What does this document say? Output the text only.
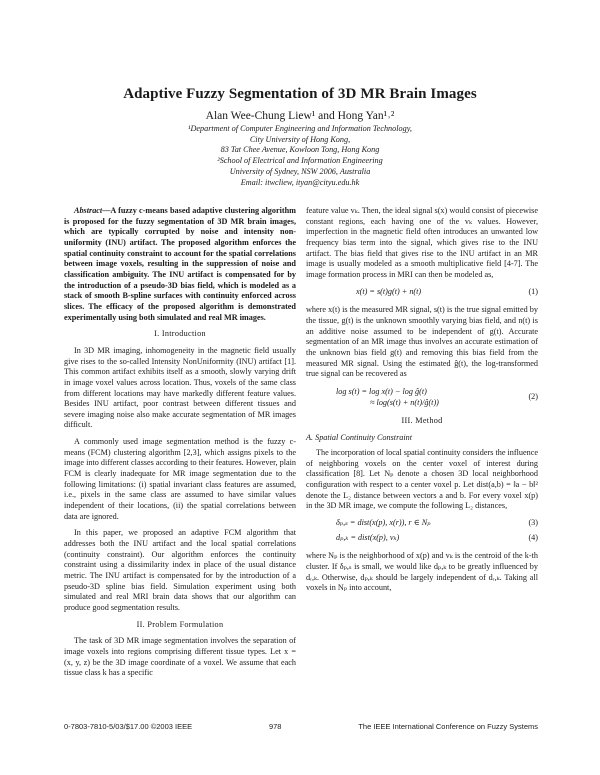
Adaptive Fuzzy Segmentation of 3D MR Brain Images
Alan Wee-Chung Liew¹ and Hong Yan¹˒²
¹Department of Computer Engineering and Information Technology,
City University of Hong Kong,
83 Tat Chee Avenue, Kowloon Tong, Hong Kong
²School of Electrical and Information Engineering
University of Sydney, NSW 2006, Australia
Email: itwcliew, ityan@cityu.edu.hk

Abstract—A fuzzy c-means based adaptive clustering algorithm is proposed for the fuzzy segmentation of 3D MR brain images, which are typically corrupted by noise and intensity non-uniformity (INU) artifact. The proposed algorithm enforces the spatial continuity constraint to account for the spatial correlations between image voxels, resulting in the suppression of noise and classification ambiguity. The INU artifact is compensated for by the introduction of a pseudo-3D bias field, which is modeled as a stack of smooth B-spline surfaces with continuity enforced across slices. The efficacy of the proposed algorithm is demonstrated experimentally using both simulated and real MR images.

I. Introduction

In 3D MR imaging, inhomogeneity in the magnetic field usually give rises to the so-called Intensity NonUniformity (INU) artifact [1]. This common artifact exhibits itself as a smooth, slowly varying drift in image voxel values across location. Thus, voxels of the same class from different locations may have markedly different feature values. Besides INU artifact, poor contrast between different tissues and severe imaging noise also make accurate segmentation of MR images difficult.

A commonly used image segmentation method is the fuzzy c-means (FCM) clustering algorithm [2,3], which assigns pixels to the image into different classes according to their features. However, plain FCM is clearly inadequate for MR image segmentation due to the following limitations: (i) spatial invariant class features are assumed, i.e., pixels in the same class are assumed to have similar values independent of their locations, (ii) the spatial correlations between data are ignored.

In this paper, we proposed an adaptive FCM algorithm that addresses both the INU artifact and the local spatial correlations (continuity constraint). Our algorithm enforces the continuity constraint using a dissimilarity index in place of the usual distance metric. The INU artifact is compensated for by the introduction of a pseudo-3D spline bias field. Simulation experiment using both simulated and real MRI brain data shows that our algorithm can produce good segmentation results.

II. Problem Formulation

The task of 3D MR image segmentation involves the separation of image voxels into regions comprising different tissue types. Let x = (x, y, z) be the 3D image coordinate of a voxel. We assume that each tissue class k has a specific

feature value vₖ. Then, the ideal signal s(x) would consist of piecewise constant regions, each having one of the vₖ values. However, imperfection in the magnetic field often introduces an unwanted low frequency bias term into the signal, which gives rise to the INU artifact. The bias field that gives rise to the INU artifact in an MR image is usually modeled as a smooth multiplicative field [4-7]. The image formation process in MRI can then be modeled as,

x(t) = s(t)g(t) + n(t)	(1)

where x(t) is the measured MR signal, s(t) is the true signal emitted by the tissue, g(t) is the unknown smoothly varying bias field, and n(t) is an additive noise assumed to be independent of g(t). Accurate segmentation of an MR image thus involves an accurate estimation of the unknown bias field g(t) and removing this bias field from the measured MR signal. Using the estimated ĝ(t), the log-transformed true signal can be recovered as

log s(t) = log x(t) − log ĝ(t)
≈ log(s(t) + n(t)/ĝ(t))
(2)
III. Method
A. Spatial Continuity Constraint

The incorporation of local spatial continuity considers the influence of neighboring voxels on the center voxel of interest during classification [8]. Let Nₚ denote a chosen 3D local neighborhood configuration with respect to a center voxel p. Let dist(a,b) = ‖a − b‖² denote the L₂ distance between vectors a and b. For every voxel x(p) in the 3D MR image, we compute the following L₂ distances,

δₚ,ₛ = dist(x(p), x(r)), r ∈ Nₚ	(3)
dₚ,ₖ = dist(x(p), vₖ)	(4)

where Nₚ is the neighborhood of x(p) and vₖ is the centroid of the k-th cluster. If δₚ,ₛ is small, we would like dₚ,ₖ to be greatly influenced by dᵣ,ₖ. Otherwise, dₚ,ₖ should be largely independent of dᵣ,ₖ. Taking all voxels in Nₚ into account,

0-7803-7810-5/03/$17.00 ©2003 IEEE	978	The IEEE International Conference on Fuzzy Systems
